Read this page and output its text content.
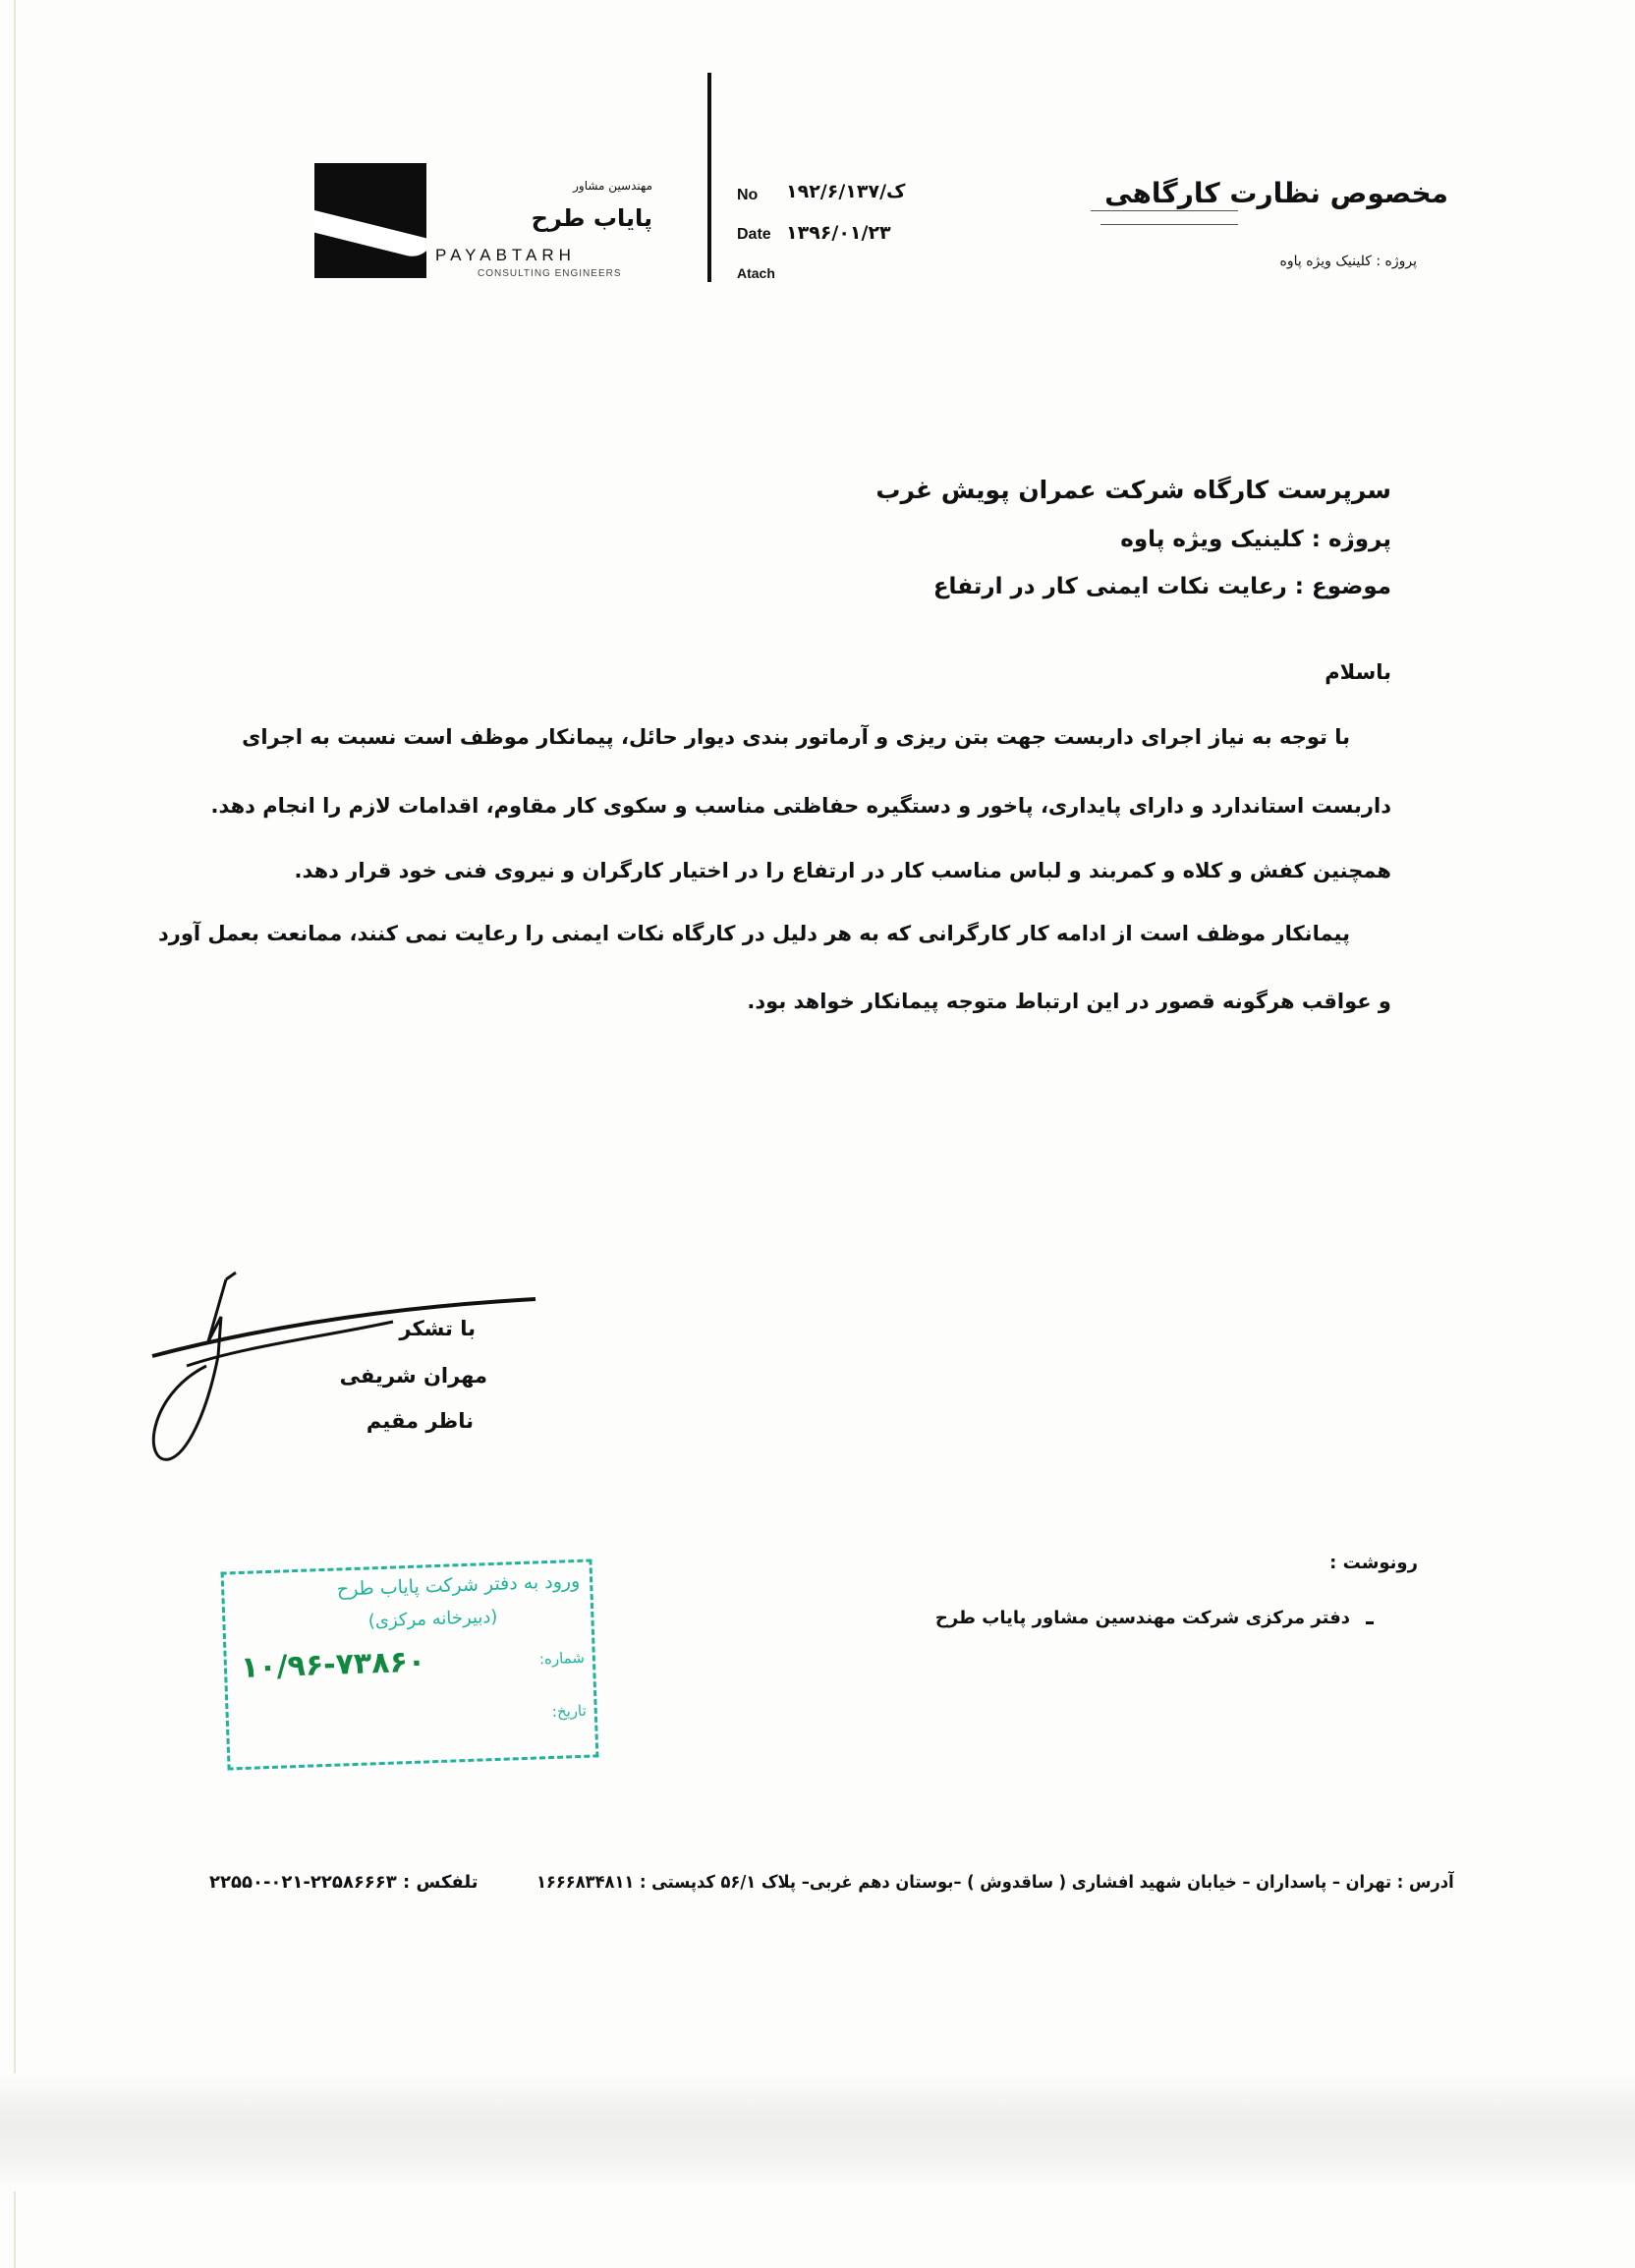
مهندسین مشاور
پایاب طرح
PAYABTARH
CONSULTING ENGINEERS
No ۱۹۲/۶/ک/۱۳۷
Date ۱۳۹۶/۰۱/۲۳
Atach
مخصوص نظارت کارگاهی
پروژه : کلینیک ویژه پاوه
سرپرست کارگاه شرکت عمران پویش غرب
پروژه : کلینیک ویژه پاوه
موضوع : رعایت نکات ایمنی کار در ارتفاع
باسلام
با توجه به نیاز اجرای داربست جهت بتن ریزی و آرماتور بندی دیوار حائل، پیمانکار موظف است نسبت به اجرای
داربست استاندارد و دارای پایداری، پاخور و دستگیره حفاظتی مناسب و سکوی کار مقاوم، اقدامات لازم را انجام دهد.
همچنین کفش و کلاه و کمربند و لباس مناسب کار در ارتفاع را در اختیار کارگران و نیروی فنی خود قرار دهد.
پیمانکار موظف است از ادامه کار کارگرانی که به هر دلیل در کارگاه نکات ایمنی را رعایت نمی کنند، ممانعت بعمل آورد
و عواقب هرگونه قصور در این ارتباط متوجه پیمانکار خواهد بود.
با تشکر
مهران شریفی
ناظر مقیم
ورود به دفتر شرکت پایاب طرح
(دبیرخانه مرکزی)
شماره:
۱۰/۹۶-۷۳۸۶۰
تاریخ:
رونوشت :
دفتر مرکزی شرکت مهندسین مشاور پایاب طرح
آدرس : تهران – پاسداران – خیابان شهید افشاری ( ساقدوش ) –بوستان دهم غربی– پلاک ۵۶/۱ کدپستی : ۱۶۶۶۸۳۴۸۱۱
تلفکس : ۲۲۵۸۶۶۶۳-۰۲۱-۲۲۵۵۰
